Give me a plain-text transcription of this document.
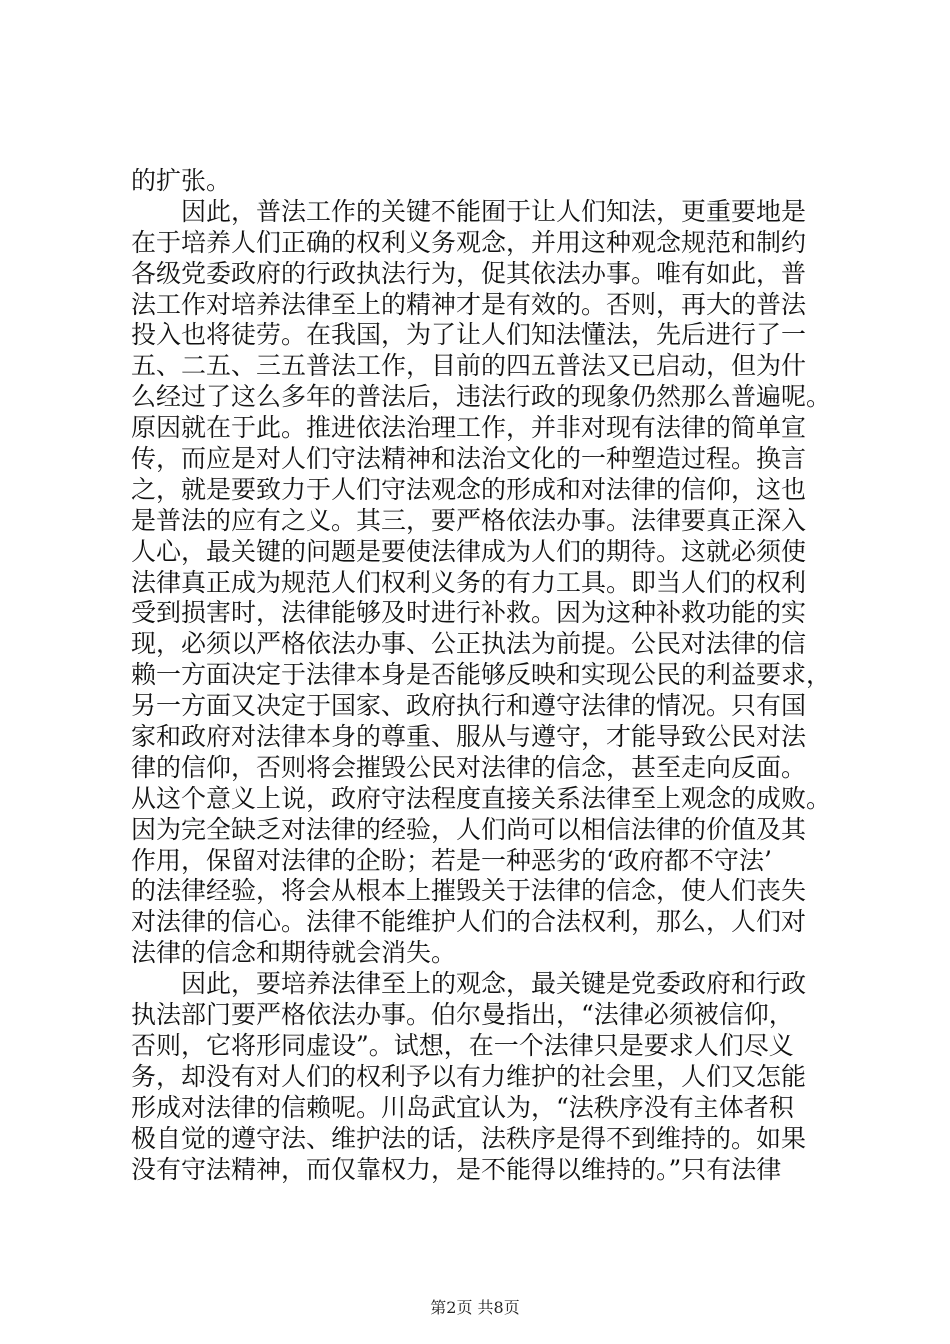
的扩张。
因此，普法工作的关键不能囿于让人们知法，更重要地是
在于培养人们正确的权利义务观念，并用这种观念规范和制约
各级党委政府的行政执法行为，促其依法办事。唯有如此，普
法工作对培养法律至上的精神才是有效的。否则，再大的普法
投入也将徒劳。在我国，为了让人们知法懂法，先后进行了一
五、二五、三五普法工作，目前的四五普法又已启动，但为什
么经过了这么多年的普法后，违法行政的现象仍然那么普遍呢。
原因就在于此。推进依法治理工作，并非对现有法律的简单宣
传，而应是对人们守法精神和法治文化的一种塑造过程。换言
之，就是要致力于人们守法观念的形成和对法律的信仰，这也
是普法的应有之义。其三，要严格依法办事。法律要真正深入
人心，最关键的问题是要使法律成为人们的期待。这就必须使
法律真正成为规范人们权利义务的有力工具。即当人们的权利
受到损害时，法律能够及时进行补救。因为这种补救功能的实
现，必须以严格依法办事、公正执法为前提。公民对法律的信
赖一方面决定于法律本身是否能够反映和实现公民的利益要求，
另一方面又决定于国家、政府执行和遵守法律的情况。只有国
家和政府对法律本身的尊重、服从与遵守，才能导致公民对法
律的信仰，否则将会摧毁公民对法律的信念，甚至走向反面。
从这个意义上说，政府守法程度直接关系法律至上观念的成败。
因为完全缺乏对法律的经验，人们尚可以相信法律的价值及其
作用，保留对法律的企盼；若是一种恶劣的‘政府都不守法’
的法律经验，将会从根本上摧毁关于法律的信念，使人们丧失
对法律的信心。法律不能维护人们的合法权利，那么，人们对
法律的信念和期待就会消失。
因此，要培养法律至上的观念，最关键是党委政府和行政
执法部门要严格依法办事。伯尔曼指出，“法律必须被信仰，
否则，它将形同虚设”。试想，在一个法律只是要求人们尽义
务，却没有对人们的权利予以有力维护的社会里，人们又怎能
形成对法律的信赖呢。川岛武宜认为，“法秩序没有主体者积
极自觉的遵守法、维护法的话，法秩序是得不到维持的。如果
没有守法精神，而仅靠权力，是不能得以维持的。”只有法律
第2页 共8页
